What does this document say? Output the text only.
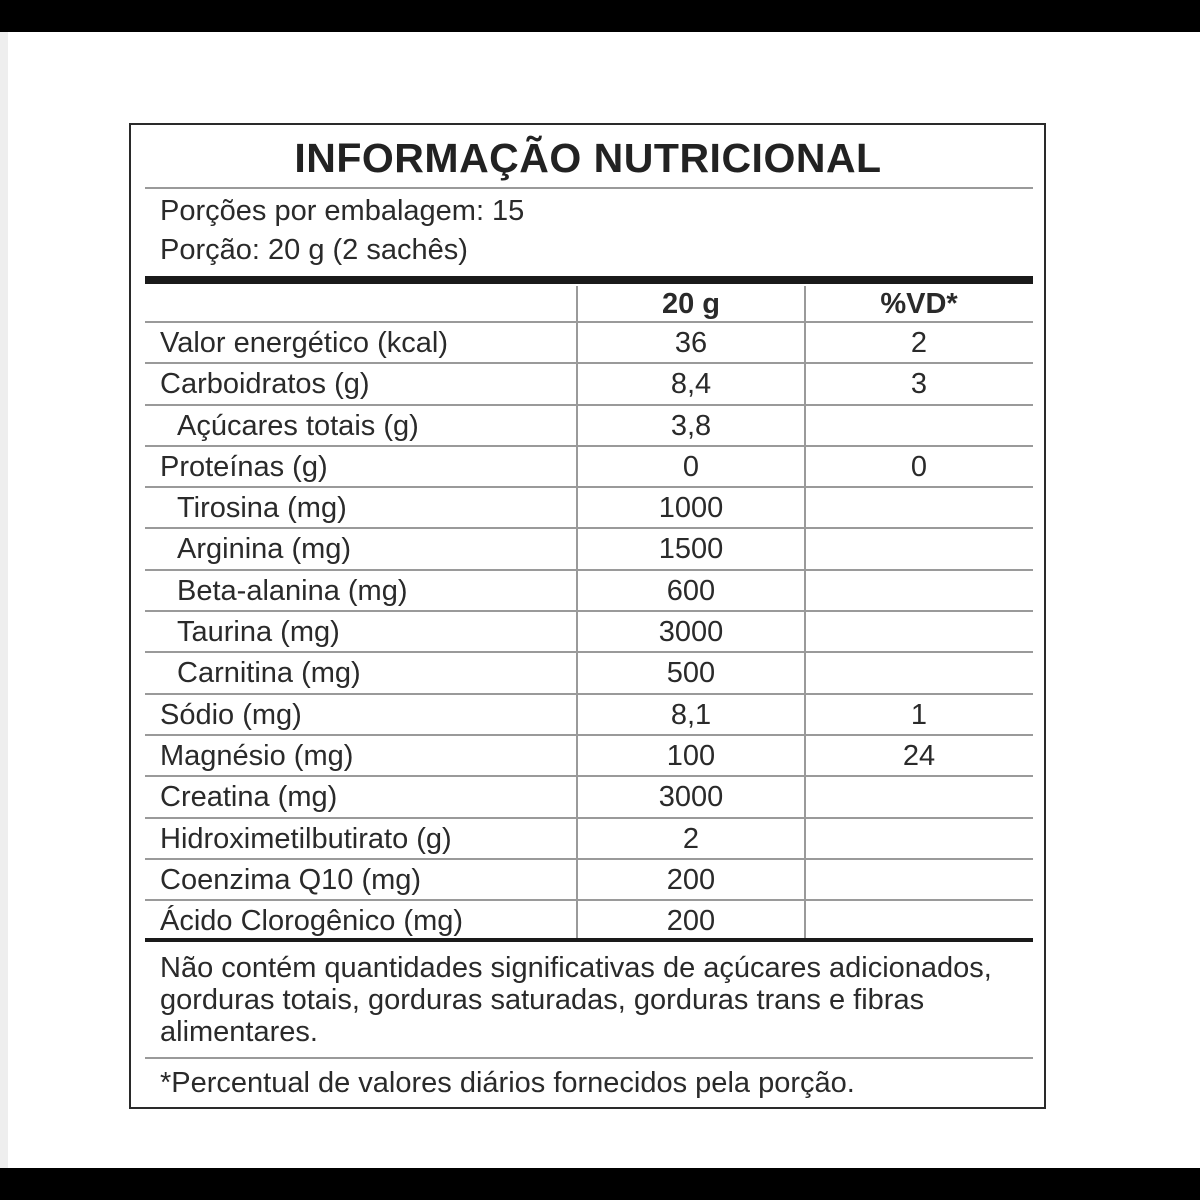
INFORMAÇÃO NUTRICIONAL
Porções por embalagem: 15
Porção: 20 g (2 sachês)
20 g	%VD*
Valor energético (kcal)	36	2
Carboidratos (g)	8,4	3
Açúcares totais (g)	3,8
Proteínas (g)	0	0
Tirosina (mg)	1000
Arginina (mg)	1500
Beta-alanina (mg)	600
Taurina (mg)	3000
Carnitina (mg)	500
Sódio (mg)	8,1	1
Magnésio (mg)	100	24
Creatina (mg)	3000
Hidroximetilbutirato (g)	2
Coenzima Q10 (mg)	200
Ácido Clorogênico (mg)	200
Não contém quantidades significativas de açúcares adicionados, gorduras totais, gorduras saturadas, gorduras trans e fibras alimentares.
*Percentual de valores diários fornecidos pela porção.
